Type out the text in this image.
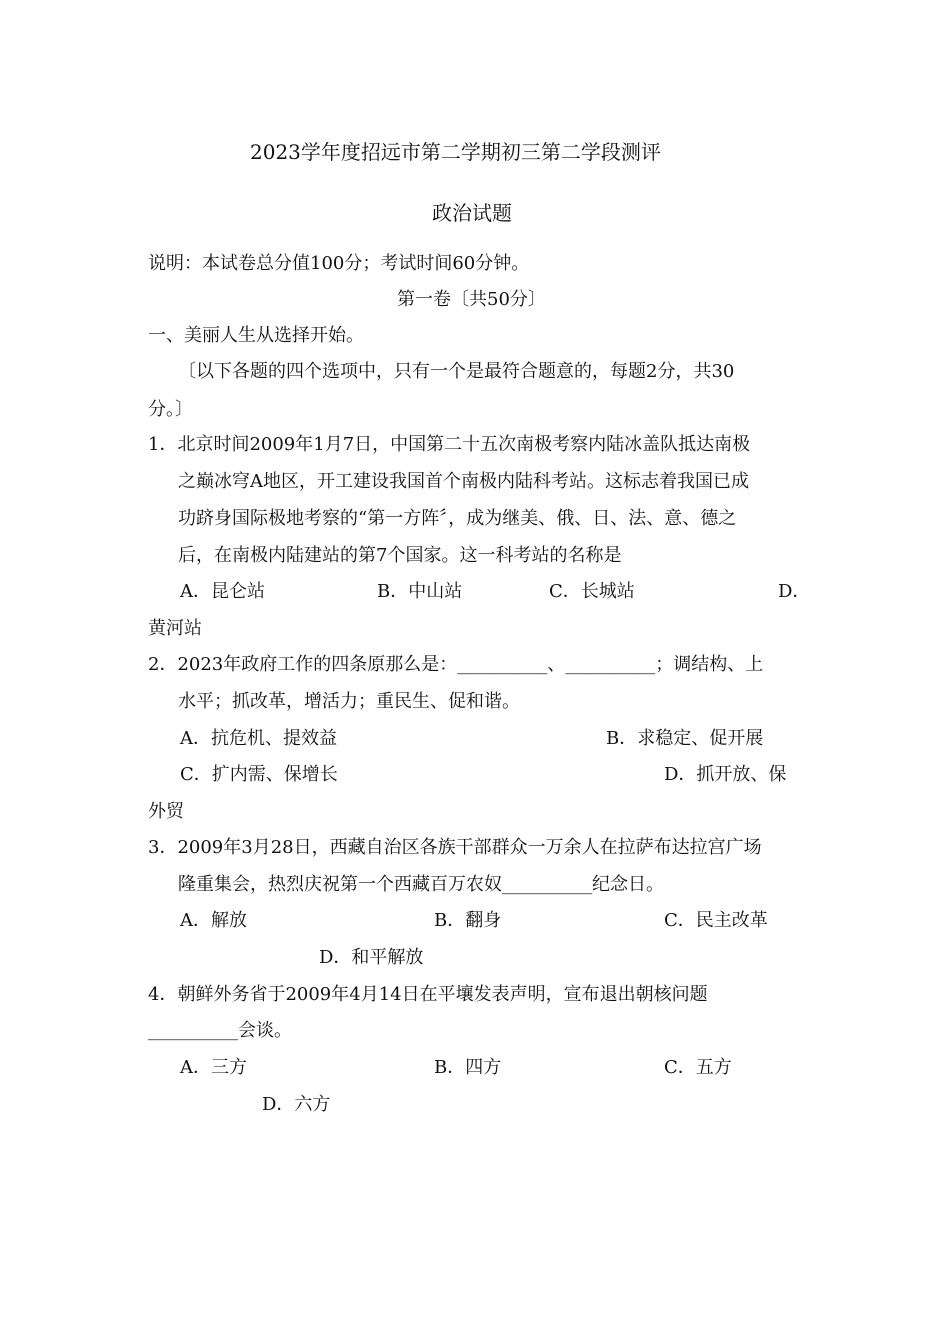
2023学年度招远市第二学期初三第二学段测评
政治试题
说明：本试卷总分值100分；考试时间60分钟。
第一卷〔共50分〕
一、美丽人生从选择开始。
〔以下各题的四个选项中，只有一个是最符合题意的，每题2分，共30
分。〕
1．北京时间2009年1月7日，中国第二十五次南极考察内陆冰盖队抵达南极
之巅冰穹A地区，开工建设我国首个南极内陆科考站。这标志着我国已成
功跻身国际极地考察的“第一方阵〞，成为继美、俄、日、法、意、德之
后，在南极内陆建站的第7个国家。这一科考站的名称是
A．昆仑站	B．中山站	C．长城站	D．
黄河站
2．2023年政府工作的四条原那么是：__________、__________；调结构、上
水平；抓改革，增活力；重民生、促和谐。
A．抗危机、提效益	B．求稳定、促开展
C．扩内需、保增长	D．抓开放、保
外贸
3．2009年3月28日，西藏自治区各族干部群众一万余人在拉萨布达拉宫广场
隆重集会，热烈庆祝第一个西藏百万农奴__________纪念日。
A．解放	B．翻身	C．民主改革
D．和平解放
4．朝鲜外务省于2009年4月14日在平壤发表声明，宣布退出朝核问题
__________会谈。
A．三方	B．四方	C．五方
D．六方
